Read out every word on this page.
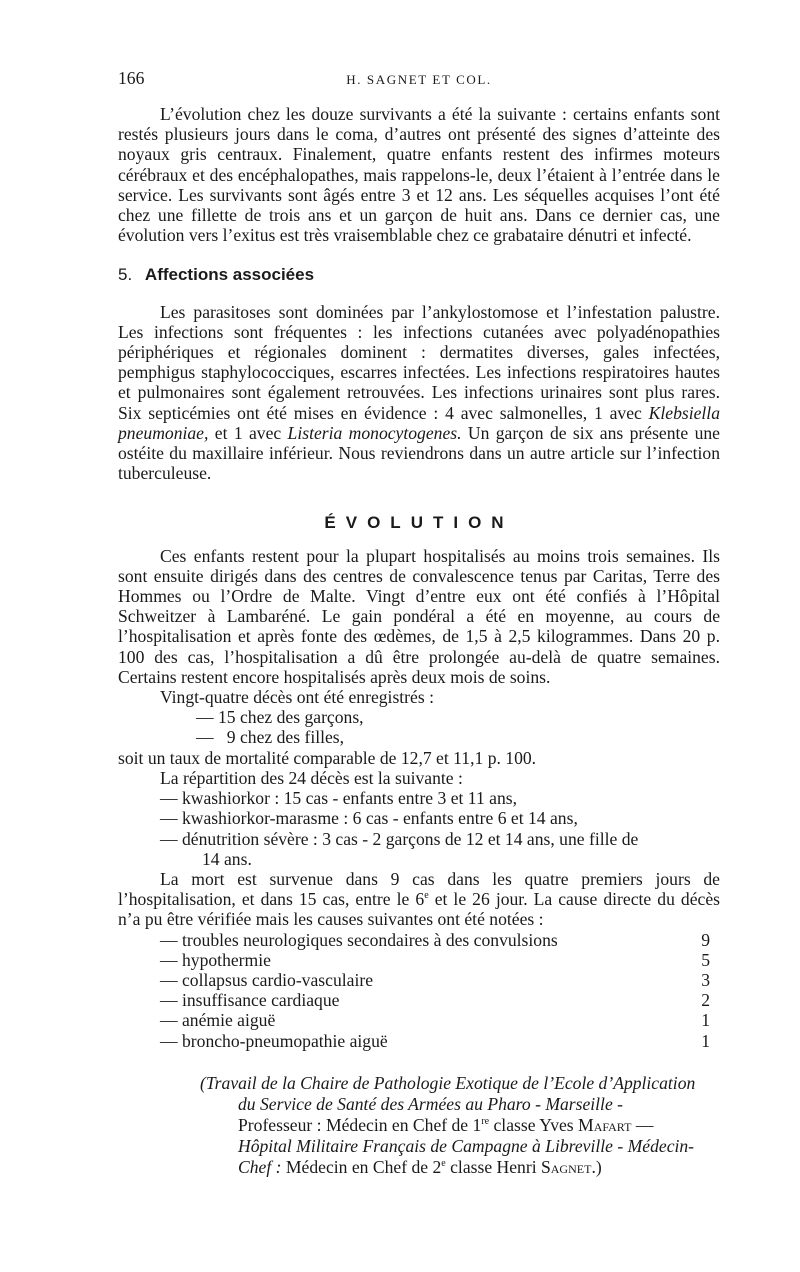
166	H. SAGNET ET COL.

L’évolution chez les douze survivants a été la suivante : certains enfants sont restés plusieurs jours dans le coma, d’autres ont présenté des signes d’atteinte des noyaux gris centraux. Finalement, quatre enfants restent des infirmes moteurs cérébraux et des encéphalopathes, mais rappelons-le, deux l’étaient à l’entrée dans le service. Les survivants sont âgés entre 3 et 12 ans. Les séquelles acquises l’ont été chez une fillette de trois ans et un garçon de huit ans. Dans ce dernier cas, une évolution vers l’exitus est très vraisemblable chez ce grabataire dénutri et infecté.

5. Affections associées

Les parasitoses sont dominées par l’ankylostomose et l’infestation palustre. Les infections sont fréquentes : les infections cutanées avec polyadénopathies périphériques et régionales dominent : dermatites diverses, gales infectées, pemphigus staphylococciques, escarres infectées. Les infections respiratoires hautes et pulmonaires sont également retrouvées. Les infections urinaires sont plus rares. Six septicémies ont été mises en évidence : 4 avec salmonelles, 1 avec Klebsiella pneumoniae, et 1 avec Listeria monocytogenes. Un garçon de six ans présente une ostéite du maxillaire inférieur. Nous reviendrons dans un autre article sur l’infection tuberculeuse.

ÉVOLUTION

Ces enfants restent pour la plupart hospitalisés au moins trois semaines. Ils sont ensuite dirigés dans des centres de convalescence tenus par Caritas, Terre des Hommes ou l’Ordre de Malte. Vingt d’entre eux ont été confiés à l’Hôpital Schweitzer à Lambaréné. Le gain pondéral a été en moyenne, au cours de l’hospitalisation et après fonte des œdèmes, de 1,5 à 2,5 kilogrammes. Dans 20 p. 100 des cas, l’hospitalisation a dû être prolongée au-delà de quatre semaines. Certains restent encore hospitalisés après deux mois de soins.

Vingt-quatre décès ont été enregistrés :

— 15 chez des garçons,
—   9 chez des filles,

soit un taux de mortalité comparable de 12,7 et 11,1 p. 100.

La répartition des 24 décès est la suivante :

— kwashiorkor : 15 cas - enfants entre 3 et 11 ans,
— kwashiorkor-marasme : 6 cas - enfants entre 6 et 14 ans,
— dénutrition sévère : 3 cas - 2 garçons de 12 et 14 ans, une fille de
14 ans.

La mort est survenue dans 9 cas dans les quatre premiers jours de l’hospitalisation, et dans 15 cas, entre le 6e et le 26 jour. La cause directe du décès n’a pu être vérifiée mais les causes suivantes ont été notées :

— troubles neurologiques secondaires à des convulsions	9
— hypothermie	5
— collapsus cardio-vasculaire	3
— insuffisance cardiaque	2
— anémie aiguë	1
— broncho-pneumopathie aiguë	1
(Travail de la Chaire de Pathologie Exotique de l’Ecole d’Application

du Service de Santé des Armées au Pharo - Marseille -
Professeur : Médecin en Chef de 1re classe Yves Mafart —
Hôpital Militaire Français de Campagne à Libreville - Médecin-
Chef : Médecin en Chef de 2e classe Henri Sagnet.)
